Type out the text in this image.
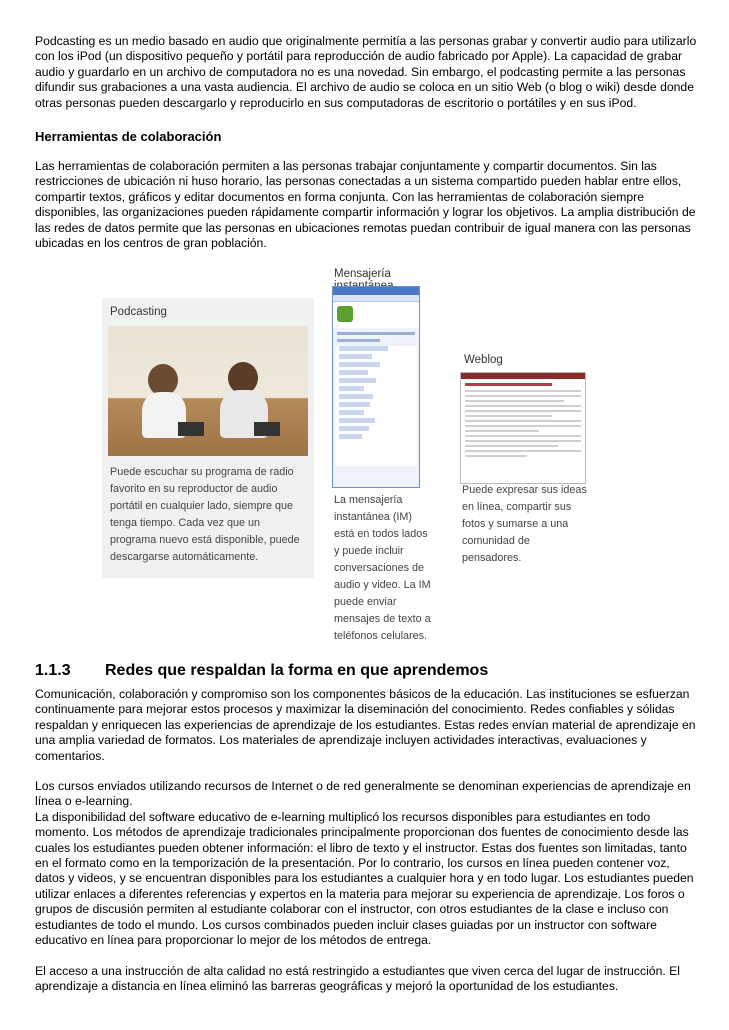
Podcasting es un medio basado en audio que originalmente permitía a las personas grabar y convertir audio para utilizarlo con los iPod (un dispositivo pequeño y portátil para reproducción de audio fabricado por Apple). La capacidad de grabar audio y guardarlo en un archivo de computadora no es una novedad. Sin embargo, el podcasting permite a las personas difundir sus grabaciones a una vasta audiencia. El archivo de audio se coloca en un sitio Web (o blog o wiki) desde donde otras personas pueden descargarlo y reproducirlo en sus computadoras de escritorio o portátiles y en sus iPod.

Herramientas de colaboración

Las herramientas de colaboración permiten a las personas trabajar conjuntamente y compartir documentos. Sin las restricciones de ubicación ni huso horario, las personas conectadas a un sistema compartido pueden hablar entre ellos, compartir textos, gráficos y editar documentos en forma conjunta. Con las herramientas de colaboración siempre disponibles, las organizaciones pueden rápidamente compartir información y lograr los objetivos. La amplia distribución de las redes de datos permite que las personas en ubicaciones remotas puedan contribuir de igual manera con las personas ubicadas en los centros de gran población.

Podcasting
Puede escuchar su programa de radio favorito en su reproductor de audio portátil en cualquier lado, siempre que tenga tiempo. Cada vez que un programa nuevo está disponible, puede descargarse automáticamente.
Mensajería
La mensajería instantánea (IM) está en todos lados y puede incluir conversaciones de audio y video. La IM puede enviar mensajes de texto a teléfonos celulares.
Weblog
Puede expresar sus ideas en línea, compartir sus fotos y sumarse a una comunidad de pensadores.
1.1.3 Redes que respaldan la forma en que aprendemos

Comunicación, colaboración y compromiso son los componentes básicos de la educación. Las instituciones se esfuerzan continuamente para mejorar estos procesos y maximizar la diseminación del conocimiento. Redes confiables y sólidas respaldan y enriquecen las experiencias de aprendizaje de los estudiantes. Estas redes envían material de aprendizaje en una amplia variedad de formatos. Los materiales de aprendizaje incluyen actividades interactivas, evaluaciones y comentarios.

Los cursos enviados utilizando recursos de Internet o de red generalmente se denominan experiencias de aprendizaje en línea o e-learning.

La disponibilidad del software educativo de e-learning multiplicó los recursos disponibles para estudiantes en todo momento. Los métodos de aprendizaje tradicionales principalmente proporcionan dos fuentes de conocimiento desde las cuales los estudiantes pueden obtener información: el libro de texto y el instructor. Estas dos fuentes son limitadas, tanto en el formato como en la temporización de la presentación. Por lo contrario, los cursos en línea pueden contener voz, datos y videos, y se encuentran disponibles para los estudiantes a cualquier hora y en todo lugar. Los estudiantes pueden utilizar enlaces a diferentes referencias y expertos en la materia para mejorar su experiencia de aprendizaje. Los foros o grupos de discusión permiten al estudiante colaborar con el instructor, con otros estudiantes de la clase e incluso con estudiantes de todo el mundo. Los cursos combinados pueden incluir clases guiadas por un instructor con software educativo en línea para proporcionar lo mejor de los métodos de entrega.

El acceso a una instrucción de alta calidad no está restringido a estudiantes que viven cerca del lugar de instrucción. El aprendizaje a distancia en línea eliminó las barreras geográficas y mejoró la oportunidad de los estudiantes.
